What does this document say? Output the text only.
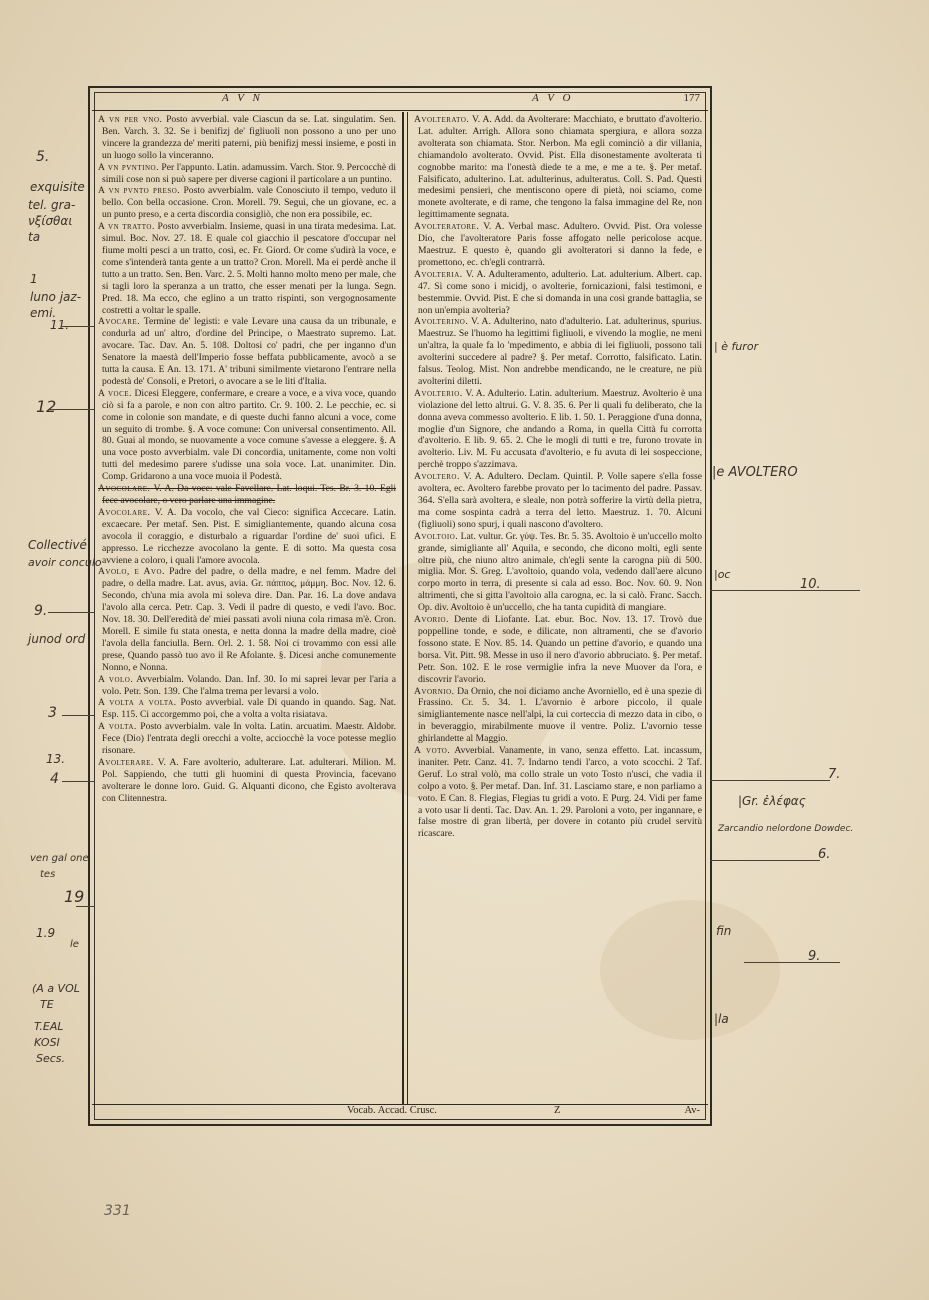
A V N	A V O	177
A vn per vno. Posto avverbial. vale Ciascun da se. Lat. singulatim. Sen. Ben. Varch. 3. 32. Se i benifizj de' figliuoli non possono a uno per uno vincere la grandezza de' meriti paterni, più benifizj messi insieme, e posti in un luogo sollo la vinceranno.
A vn pvntino. Per l'appunto. Latin. adamussim. Varch. Stor. 9. Percocchè di simili cose non si può sapere per diverse cagioni il particolare a un puntino.
A vn pvnto preso. Posto avverbialm. vale Conosciuto il tempo, veduto il bello. Con bella occasione. Cron. Morell. 79. Seguì, che un giovane, ec. a un punto preso, e a certa discordia consigliò, che non era possibile, ec.
A vn tratto. Posto avverbialm. Insieme, quasi in una tirata medesima. Lat. simul. Boc. Nov. 27. 18. E quale col giacchio il pescatore d'occupar nel fiume molti pesci a un tratto, così, ec. Fr. Giord. Or come s'udirà la voce, e come s'intenderà tanta gente a un tratto? Cron. Morell. Ma ei perdè anche il tutto a un tratto. Sen. Ben. Varc. 2. 5. Molti hanno molto meno per male, che si tagli loro la speranza a un tratto, che esser menati per la lunga. Segn. Pred. 18. Ma ecco, che eglino a un tratto rispinti, son vergognosamente costretti a voltar le spalle.
Avocare. Termine de' legisti: e vale Levare una causa da un tribunale, e condurla ad un' altro, d'ordine del Principe, o Maestrato supremo. Lat. avocare. Tac. Dav. An. 5. 108. Doltosi co' padri, che per inganno d'un Senatore la maestà dell'Imperio fosse beffata pubblicamente, avocò a se tutta la causa. E An. 13. 171. A' tribuni similmente vietarono l'entrare nella podestà de' Consoli, e Pretori, o avocare a se le liti d'Italia.
A voce. Dicesi Eleggere, confermare, e creare a voce, e a viva voce, quando ciò si fa a parole, e non con altro partito. Cr. 9. 100. 2. Le pecchie, ec. si come in colonie son mandate, e di queste duchi fanno alcuni a voce, come un seguito di trombe. §. A voce comune: Con universal consentimento. All. 80. Guai al mondo, se nuovamente a voce comune s'avesse a eleggere. §. A una voce posto avverbialm. vale Di concordia, unitamente, come non volti tutti del medesimo parere s'udisse una sola voce. Lat. unanimiter. Din. Comp. Gridarono a una voce muoia il Podestà.
Avocolare. V. A. Da voce: vale Favellare. Lat. loqui. Tes. Br. 3. 10. Egli fece avocolare, o vero parlare una immagine.
Avocolare. V. A. Da vocolo, che val Cieco: significa Accecare. Latin. excaecare. Per metaf. Sen. Pist. E simigliantemente, quando alcuna cosa avocola il coraggio, e disturbalo a riguardar l'ordine de' suoi ufici. E appresso. Le ricchezze avocolano la gente. E di sotto. Ma questa cosa avviene a coloro, i quali l'amore avocola.
Avolo, e Avo. Padre del padre, o della madre, e nel femm. Madre del padre, o della madre. Lat. avus, avia. Gr. πάππος, μάμμη. Boc. Nov. 12. 6. Secondo, ch'una mia avola mi soleva dire. Dan. Par. 16. La dove andava l'avolo alla cerca. Petr. Cap. 3. Vedi il padre di questo, e vedi l'avo. Boc. Nov. 18. 30. Dell'eredità de' miei passati avoli niuna cola rimasa m'è. Cron. Morell. E simile fu stata onesta, e netta donna la madre della madre, cioè l'avola della fanciulla. Bern. Orl. 2. 1. 58. Noi ci trovammo con essi alle prese, Quando passò tuo avo il Re Afolante. §. Dicesi anche comunemente Nonno, e Nonna.
A volo. Avverbialm. Volando. Dan. Inf. 30. Io mi saprei levar per l'aria a volo. Petr. Son. 139. Che l'alma trema per levarsi a volo.
A volta a volta. Posto avverbial. vale Di quando in quando. Sag. Nat. Esp. 115. Ci accorgemmo poi, che a volta a volta risiatava.
A volta. Posto avverbialm. vale In volta. Latin. arcuatim. Maestr. Aldobr. Fece (Dio) l'entrata degli orecchi a volte, acciocchè la voce potesse meglio risonare.
Avolterare. V. A. Fare avolterio, adulterare. Lat. adulterari. Milion. M. Pol. Sappiendo, che tutti gli huomini di questa Provincia, facevano avolterare le donne loro. Guid. G. Alquanti dicono, che Egisto avolterava con Clitennestra.
Avolterato. V. A. Add. da Avolterare: Macchiato, e bruttato d'avolterio. Lat. adulter. Arrigh. Allora sono chiamata spergiura, e allora sozza avolterata son chiamata. Stor. Nerbon. Ma egli cominciò a dir villania, chiamandolo avolterato. Ovvid. Pist. Ella disonestamente avolterata ti cognobbe marito: ma l'onestà diede te a me, e me a te. §. Per metaf. Falsificato, adulterino. Lat. adulterinus, adulteratus. Coll. S. Pad. Questi medesimi pensieri, che mentiscono opere di pietà, noi sciamo, come monete avolterate, e di rame, che tengono la falsa immagine del Re, non legittimamente segnata.
Avolteratore. V. A. Verbal masc. Adultero. Ovvid. Pist. Ora volesse Dio, che l'avolteratore Paris fosse affogato nelle pericolose acque. Maestruz. E questo è, quando gli avolteratori si danno la fede, e promettono, ec. ch'egli contrarrà.
Avolteria. V. A. Adulteramento, adulterio. Lat. adulterium. Albert. cap. 47. Sì come sono i micidj, o avolterie, fornicazioni, falsi testimoni, e bestemmie. Ovvid. Pist. E che si domanda in una così grande battaglia, se non un'empia avolteria?
Avolterino. V. A. Adulterino, nato d'adulterio. Lat. adulterinus, spurius. Maestruz. Se l'huomo ha legittimi figliuoli, e vivendo la moglie, ne meni un'altra, la quale fa lo 'mpedimento, e abbia di lei figliuoli, possono tali avolterini succedere al padre? §. Per metaf. Corrotto, falsificato. Latin. falsus. Teolog. Mist. Non andrebbe mendicando, ne le creature, ne più avolterini diletti.
Avolterio. V. A. Adulterio. Latin. adulterium. Maestruz. Avolterio è una violazione del letto altrui. G. V. 8. 35. 6. Per li quali fu deliberato, che la donna aveva commesso avolterio. E lib. 1. 50. 1. Peraggione d'una donna, moglie d'un Signore, che andando a Roma, in quella Città fu corrotta d'avolterio. E lib. 9. 65. 2. Che le mogli di tutti e tre, furono trovate in avolterio. Liv. M. Fu accusata d'avolterio, e fu avuta di lei sospeccione, perchè troppo s'azzimava.
Avoltero. V. A. Adultero. Declam. Quintil. P. Volle sapere s'ella fosse avoltera, ec. Avoltero farebbe provato per lo tacimento del padre. Passav. 364. S'ella sarà avoltera, e sleale, non potrà sofferire la virtù della pietra, ma come sospinta cadrà a terra del letto. Maestruz. 1. 70. Alcuni (figliuoli) sono spurj, i quali nascono d'avoltero.
Avoltoio. Lat. vultur. Gr. γύψ. Tes. Br. 5. 35. Avoltoio è un'uccello molto grande, simigliante all' Aquila, e secondo, che dicono molti, egli sente oltre più, che niuno altro animale, ch'egli sente la carogna più di 500. miglia. Mor. S. Greg. L'avoltoio, quando vola, vedendo dall'aere alcuno corpo morto in terra, di presente si cala ad esso. Boc. Nov. 60. 9. Non altrimenti, che si gitta l'avoltoio alla carogna, ec. la si calò. Franc. Sacch. Op. div. Avoltoio è un'uccello, che ha tanta cupidità di mangiare.
Avorio. Dente di Liofante. Lat. ebur. Boc. Nov. 13. 17. Trovò due poppelline tonde, e sode, e dilicate, non altramenti, che se d'avorio fossono state. E Nov. 85. 14. Quando un pettine d'avorio, e quando una borsa. Vit. Pitt. 98. Messe in uso il nero d'avorio abbruciato. §. Per metaf. Petr. Son. 102. E le rose vermiglie infra la neve Muover da l'ora, e discovrir l'avorio.
Avornio. Da Ornio, che noi diciamo anche Avorniello, ed è una spezie di Frassino. Cr. 5. 34. 1. L'avornio è arbore piccolo, il quale simigliantemente nasce nell'alpi, la cui corteccia di mezzo data in cibo, o in beveraggio, mirabilmente muove il ventre. Poliz. L'avornio tesse ghirlandette al Maggio.
A voto. Avverbial. Vanamente, in vano, senza effetto. Lat. incassum, inaniter. Petr. Canz. 41. 7. Indarno tendi l'arco, a voto scocchi. 2 Taf. Geruf. Lo stral volò, ma collo strale un voto Tosto n'usci, che vadia il colpo a voto. §. Per metaf. Dan. Inf. 31. Lasciamo stare, e non parliamo a voto. E Can. 8. Flegias, Flegias tu gridi a voto. E Purg. 24. Vidi per fame a voto usar li denti. Tac. Dav. An. 1. 29. Paroloni a voto, per ingannare, e false mostre di gran libertà, per dovere in cotanto più crudel servitù ricascare.
Vocab. Accad. Crusc.	Z	Av-
5.
exquisite
tel. gra-
νξίσθαι
ta
1
luno jaz-
emi.
11.
12
Collectivé
avoir conculo
9.
junod ord
3
13.
4
ven gal one
tes
19
le
1.9
(A a VOL
TE
T.EAL
KOSI
Secs.
| è furor
|e AVOLTERO
|oc
10.
7.
|Gr. ἐλέφας
Zarcandio nelordone Dowdec.
6.
fin
9.
|la
331
